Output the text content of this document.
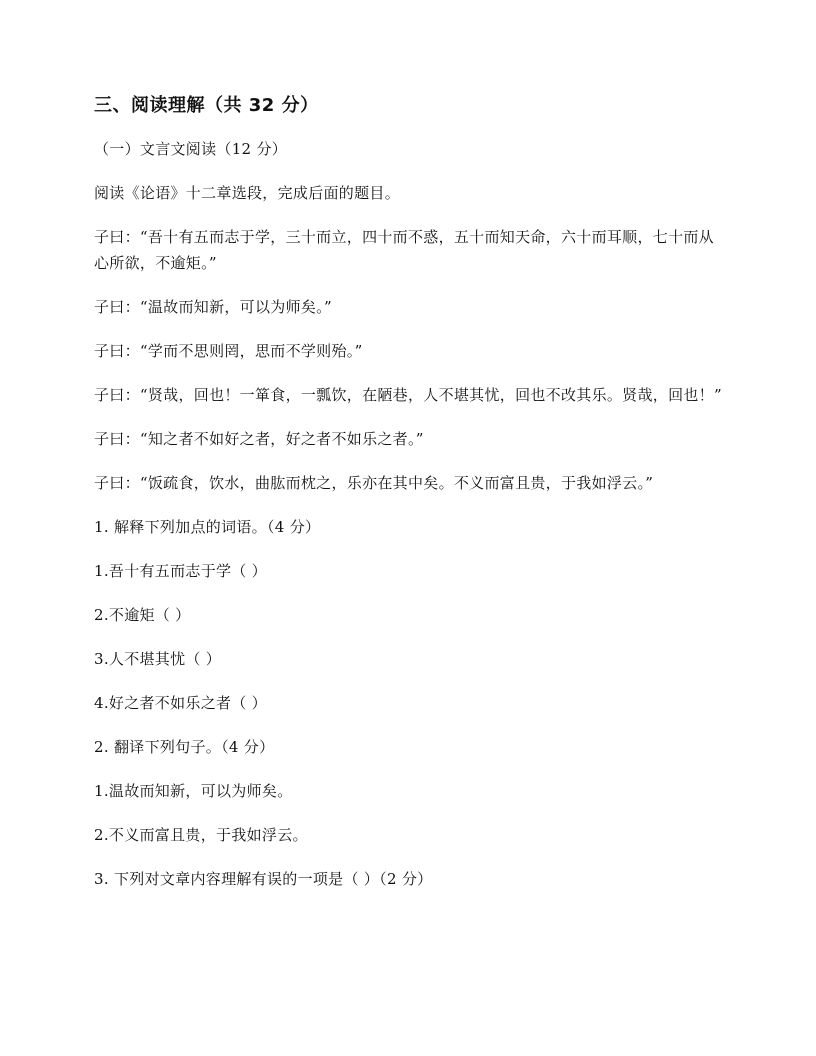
三、阅读理解（共 32 分）
（一）文言文阅读（12 分）
阅读《论语》十二章选段，完成后面的题目。
子曰：“吾十有五而志于学，三十而立，四十而不惑，五十而知天命，六十而耳顺，七十而从心所欲，不逾矩。”
子曰：“温故而知新，可以为师矣。”
子曰：“学而不思则罔，思而不学则殆。”
子曰：“贤哉，回也！一箪食，一瓢饮，在陋巷，人不堪其忧，回也不改其乐。贤哉，回也！”
子曰：“知之者不如好之者，好之者不如乐之者。”
子曰：“饭疏食，饮水，曲肱而枕之，乐亦在其中矣。不义而富且贵，于我如浮云。”
1. 解释下列加点的词语。（4 分）
1.吾十有五而志于学（ ）
2.不逾矩（ ）
3.人不堪其忧（ ）
4.好之者不如乐之者（ ）
2. 翻译下列句子。（4 分）
1.温故而知新，可以为师矣。
2.不义而富且贵，于我如浮云。
3. 下列对文章内容理解有误的一项是（ ）（2 分）
